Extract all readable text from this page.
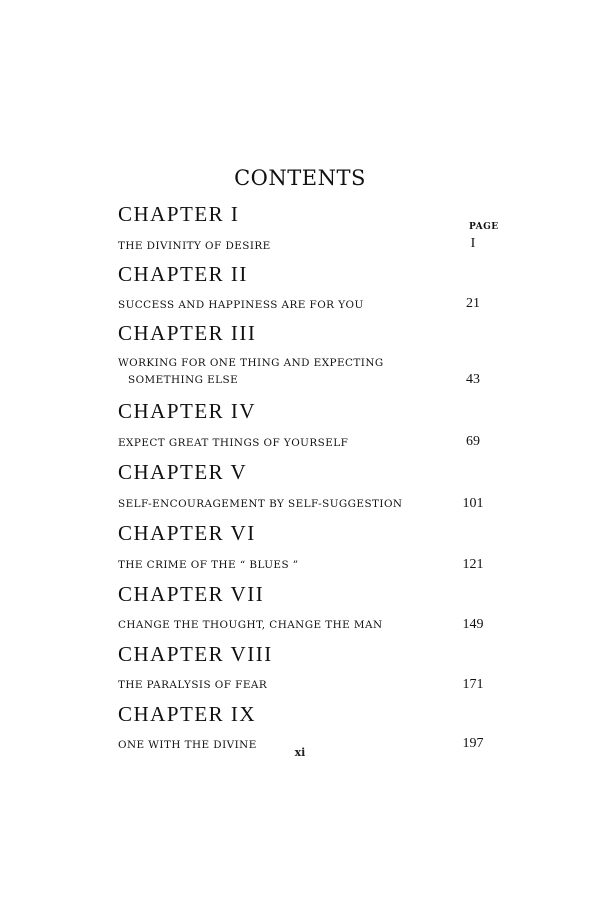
CONTENTS
PAGE
CHAPTER I
THE DIVINITY OF DESIRE	I
CHAPTER II
SUCCESS AND HAPPINESS ARE FOR YOU	21
CHAPTER III
WORKING FOR ONE THING AND EXPECTING
SOMETHING ELSE	43
CHAPTER IV
EXPECT GREAT THINGS OF YOURSELF	69
CHAPTER V
SELF-ENCOURAGEMENT BY SELF-SUGGESTION	101
CHAPTER VI
THE CRIME OF THE “ BLUES ”	121
CHAPTER VII
CHANGE THE THOUGHT, CHANGE THE MAN	149
CHAPTER VIII
THE PARALYSIS OF FEAR	171
CHAPTER IX
ONE WITH THE DIVINE	197
xi
